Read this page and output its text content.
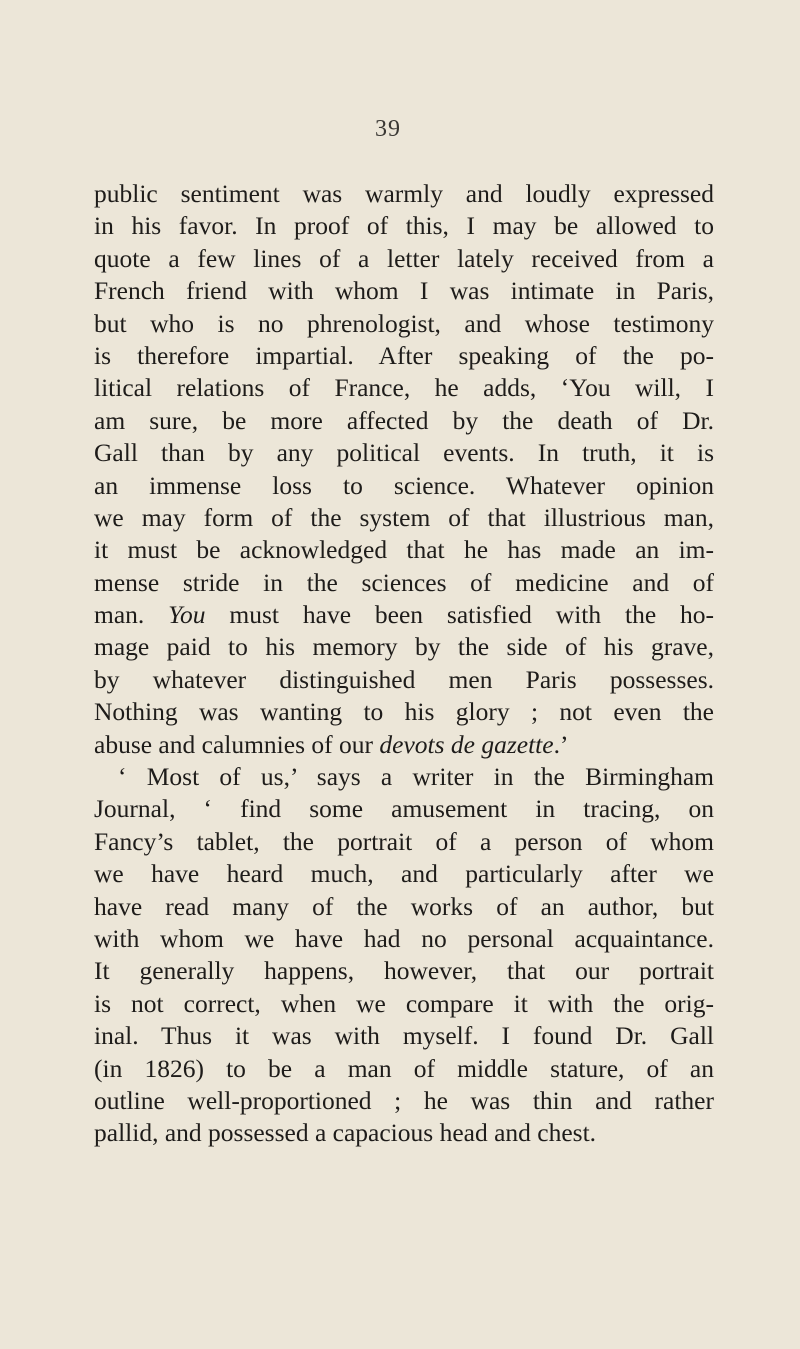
39
public sentiment was warmly and loudly expressed
in his favor. In proof of this, I may be allowed to
quote a few lines of a letter lately received from a
French friend with whom I was intimate in Paris,
but who is no phrenologist, and whose testimony
is therefore impartial. After speaking of the po-
litical relations of France, he adds, ‘You will, I
am sure, be more affected by the death of Dr.
Gall than by any political events. In truth, it is
an immense loss to science. Whatever opinion
we may form of the system of that illustrious man,
it must be acknowledged that he has made an im-
mense stride in the sciences of medicine and of
man. You must have been satisfied with the ho-
mage paid to his memory by the side of his grave,
by whatever distinguished men Paris possesses.
Nothing was wanting to his glory ; not even the
abuse and calumnies of our devots de gazette.’
‘ Most of us,’ says a writer in the Birmingham
Journal, ‘ find some amusement in tracing, on
Fancy’s tablet, the portrait of a person of whom
we have heard much, and particularly after we
have read many of the works of an author, but
with whom we have had no personal acquaintance.
It generally happens, however, that our portrait
is not correct, when we compare it with the orig-
inal. Thus it was with myself. I found Dr. Gall
(in 1826) to be a man of middle stature, of an
outline well-proportioned ; he was thin and rather
pallid, and possessed a capacious head and chest.
